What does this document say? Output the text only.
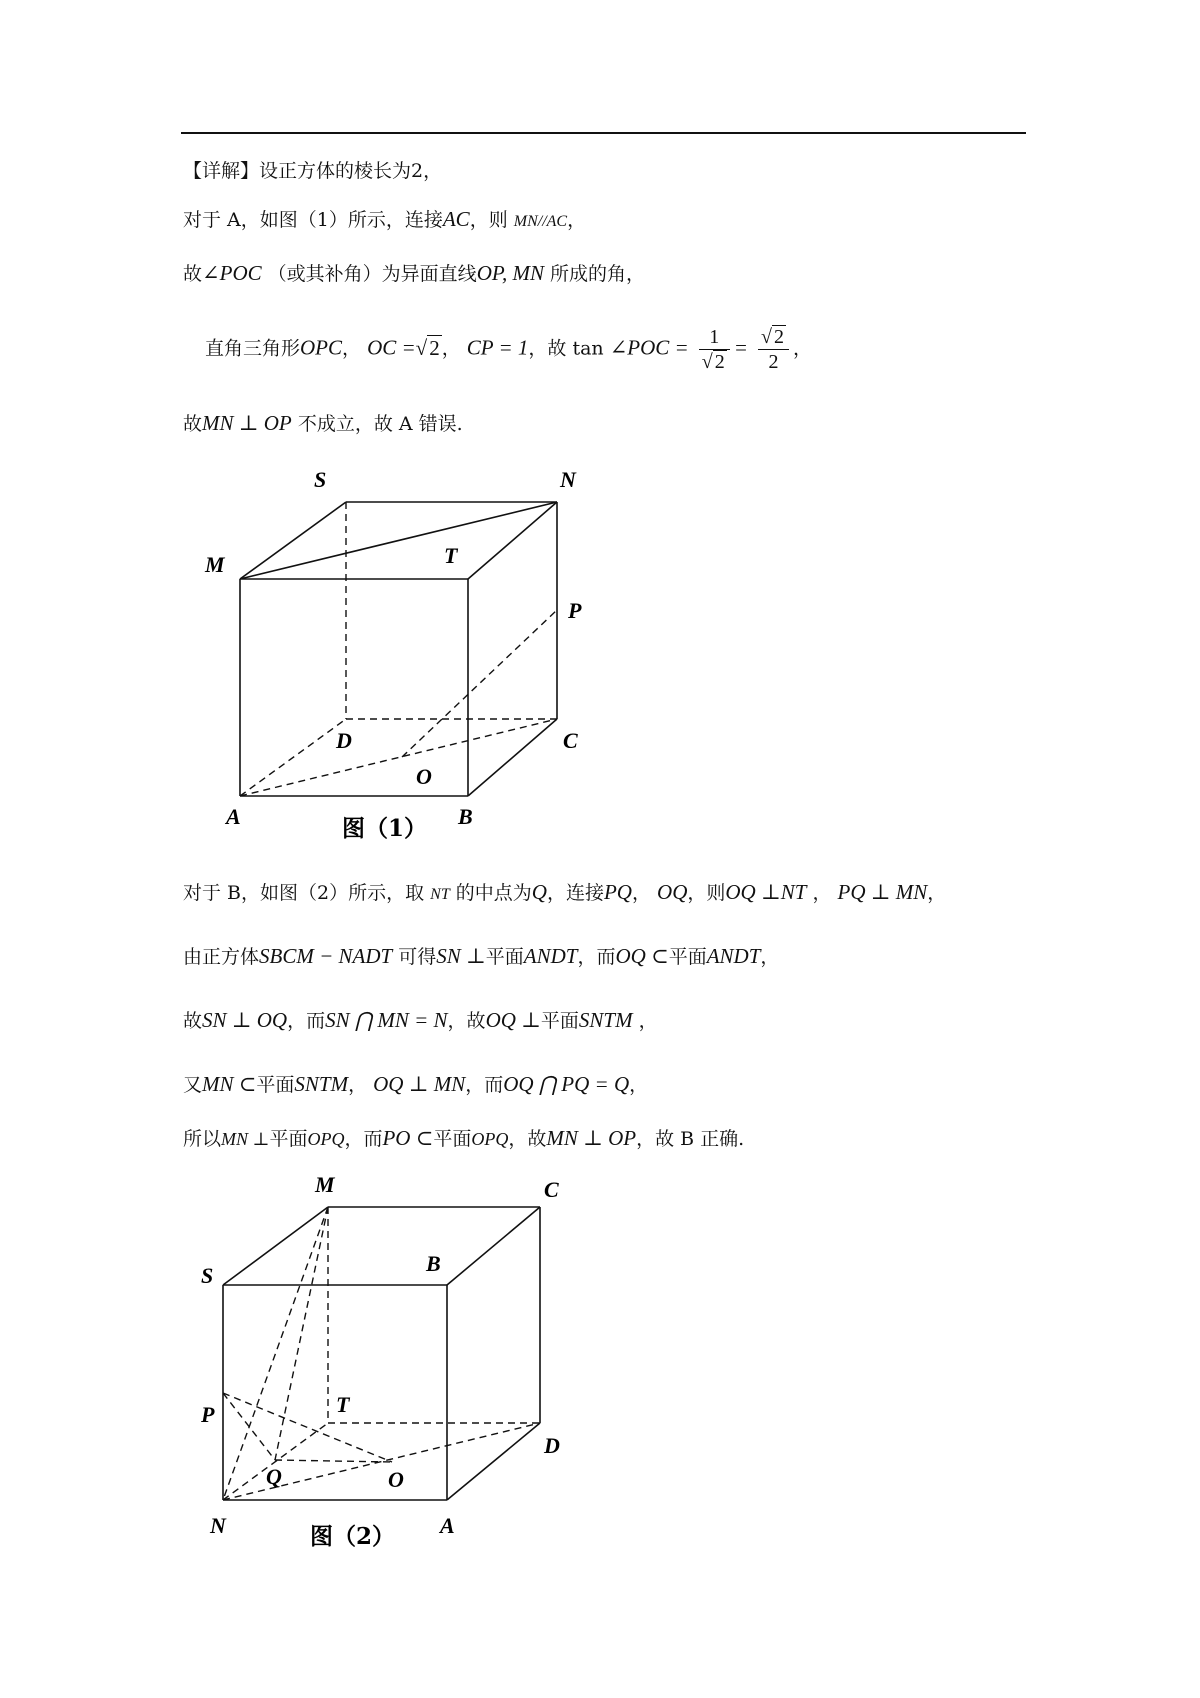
【详解】设正方体的棱长为2，
对于 A，如图（1）所示，连接AC，则 MN//AC，
故∠POC （或其补角）为异面直线OP, MN 所成的角，
直角三角形OPC， OC =√2 ， CP = 1，故 tan ∠POC = $\frac{1}{√ 2} = \frac{√ 2}{2}$ ，
故MN ⊥ OP 不成立，故 A 错误.
S	N
M	T
P
D	C
O
A	B
图（1）
对于 B，如图（2）所示，取 NT 的中点为Q，连接PQ， OQ，则OQ ⊥NT ， PQ ⊥ MN，
由正方体SBCM − NADT 可得SN ⊥平面ANDT，而OQ ⊂平面ANDT，
故SN ⊥ OQ，而SN ⋂ MN = N，故OQ ⊥平面SNTM ，
又MN ⊂平面SNTM， OQ ⊥ MN，而OQ ⋂ PQ = Q，
所以MN ⊥平面OPQ，而PO ⊂平面OPQ，故MN ⊥ OP，故 B 正确.
M	C
S	B
T
P
D
Q	O
N	A
图（2）
